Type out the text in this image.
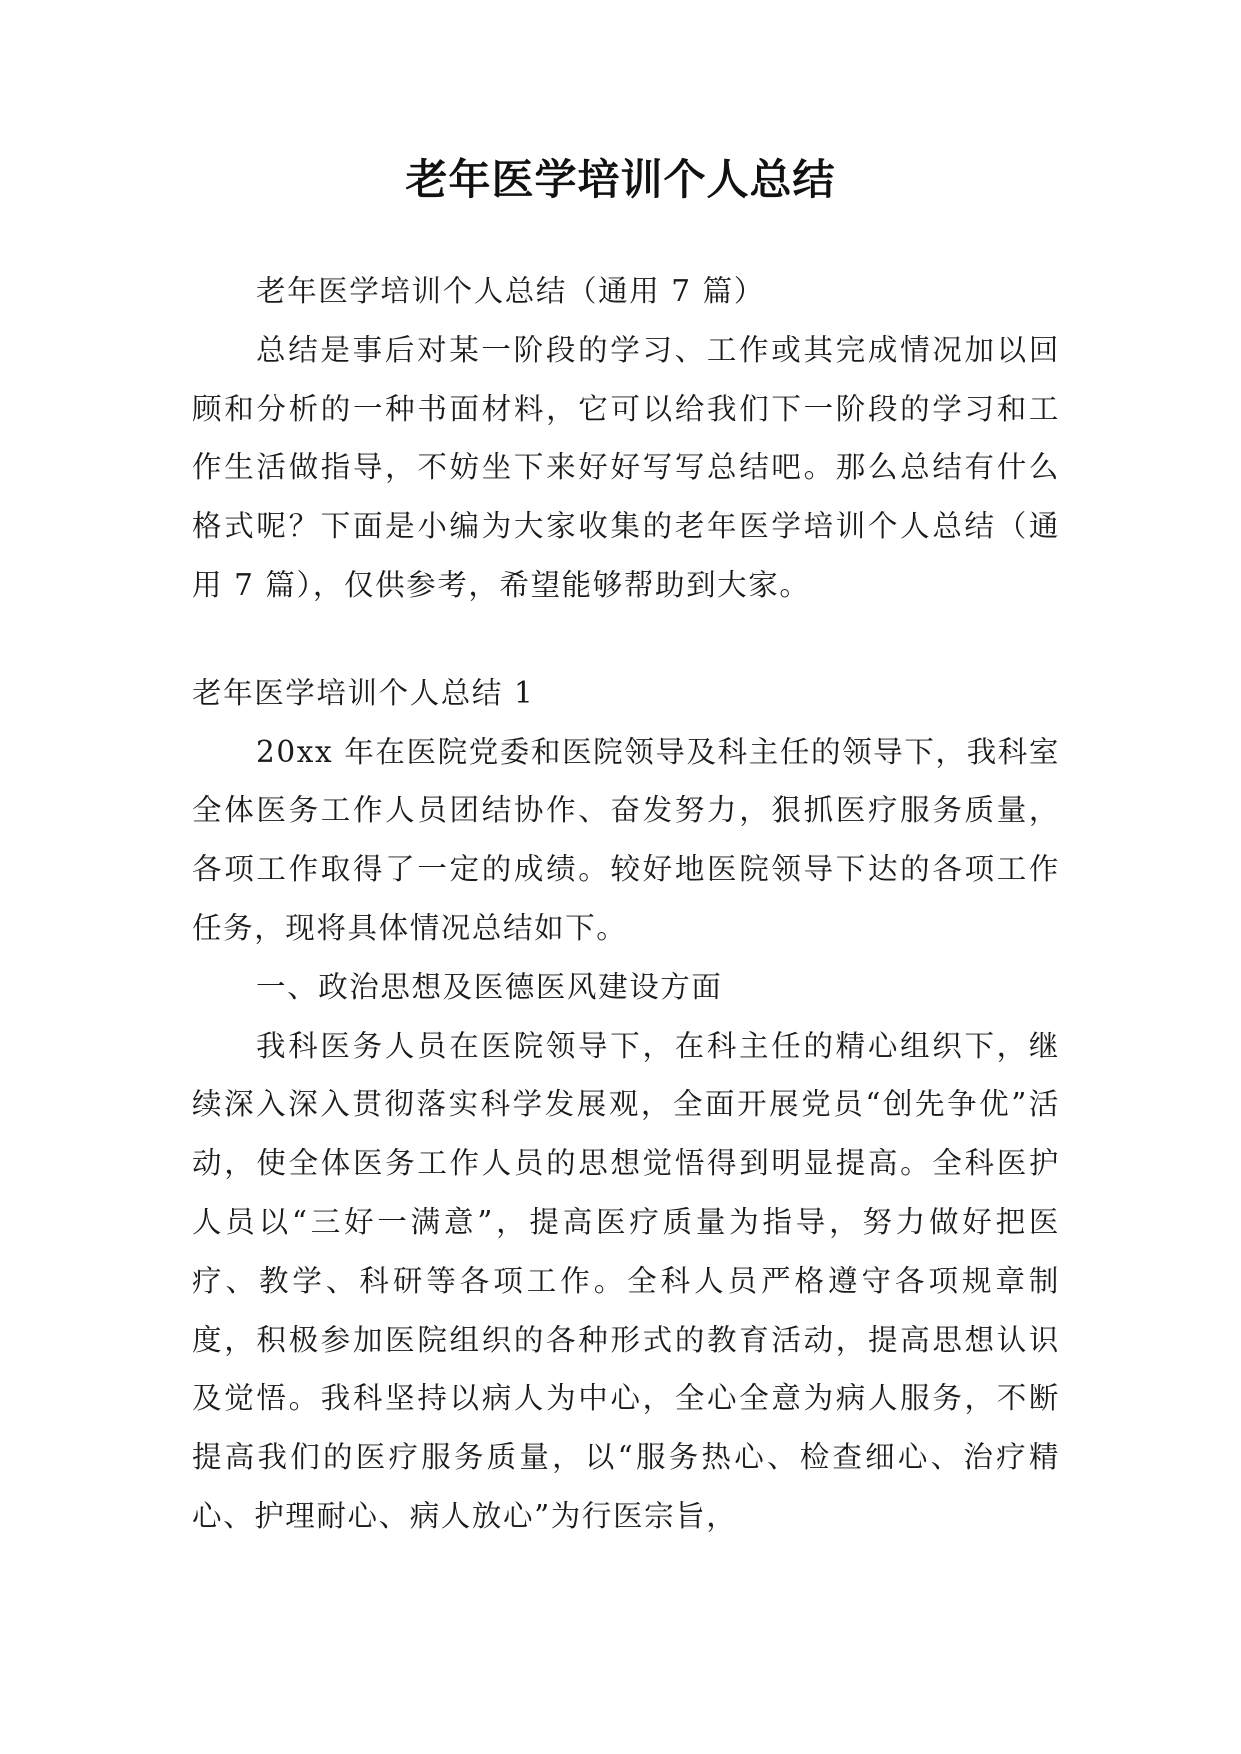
老年医学培训个人总结

老年医学培训个人总结（通用 7 篇）

总结是事后对某一阶段的学习、工作或其完成情况加以回顾和分析的一种书面材料，它可以给我们下一阶段的学习和工作生活做指导，不妨坐下来好好写写总结吧。那么总结有什么格式呢？下面是小编为大家收集的老年医学培训个人总结（通用 7 篇），仅供参考，希望能够帮助到大家。

老年医学培训个人总结 1

20xx 年在医院党委和医院领导及科主任的领导下，我科室全体医务工作人员团结协作、奋发努力，狠抓医疗服务质量，各项工作取得了一定的成绩。较好地医院领导下达的各项工作任务，现将具体情况总结如下。

一、政治思想及医德医风建设方面

我科医务人员在医院领导下，在科主任的精心组织下，继续深入深入贯彻落实科学发展观，全面开展党员“创先争优”活动，使全体医务工作人员的思想觉悟得到明显提高。全科医护人员以“三好一满意”，提高医疗质量为指导，努力做好把医疗、教学、科研等各项工作。全科人员严格遵守各项规章制度，积极参加医院组织的各种形式的教育活动，提高思想认识及觉悟。我科坚持以病人为中心，全心全意为病人服务，不断提高我们的医疗服务质量，以“服务热心、检查细心、治疗精心、护理耐心、病人放心”为行医宗旨，
